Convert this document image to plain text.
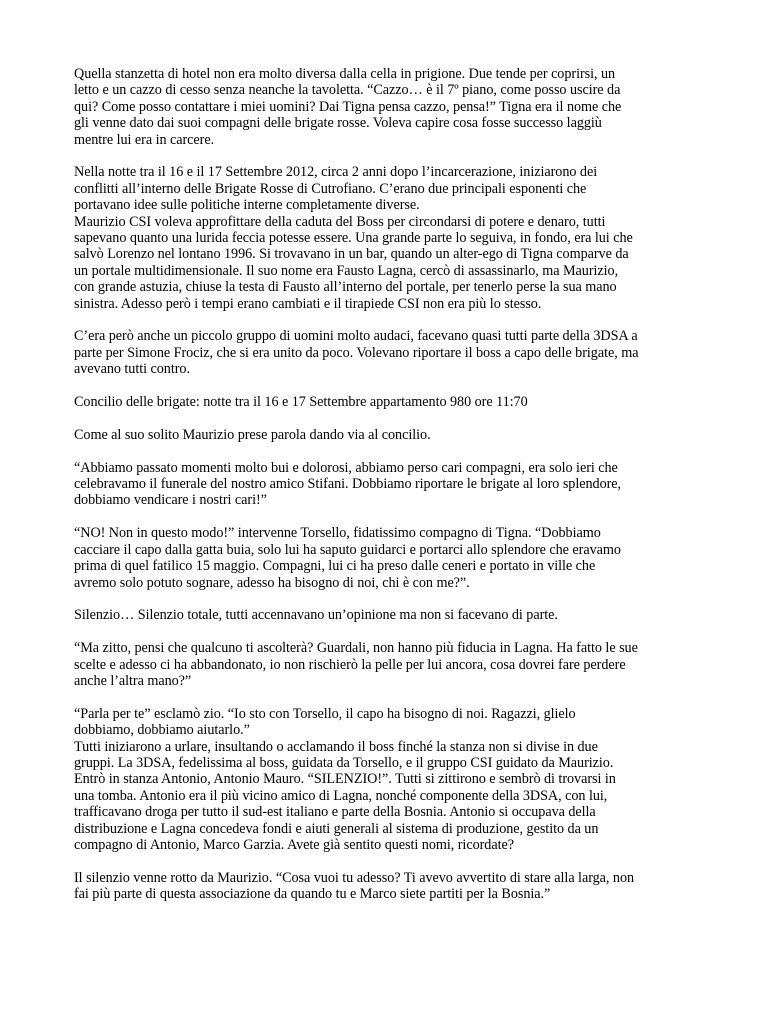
Quella stanzetta di hotel non era molto diversa dalla cella in prigione. Due tende per coprirsi, un
letto e un cazzo di cesso senza neanche la tavoletta. “Cazzo… è il 7º piano, come posso uscire da
qui? Come posso contattare i miei uomini? Dai Tigna pensa cazzo, pensa!” Tigna era il nome che
gli venne dato dai suoi compagni delle brigate rosse. Voleva capire cosa fosse successo laggiù
mentre lui era in carcere.

Nella notte tra il 16 e il 17 Settembre 2012, circa 2 anni dopo l’incarcerazione, iniziarono dei
conflitti all’interno delle Brigate Rosse di Cutrofiano. C’erano due principali esponenti che
portavano idee sulle politiche interne completamente diverse.

Maurizio CSI voleva approfittare della caduta del Boss per circondarsi di potere e denaro, tutti
sapevano quanto una lurida feccia potesse essere. Una grande parte lo seguiva, in fondo, era lui che
salvò Lorenzo nel lontano 1996. Si trovavano in un bar, quando un alter-ego di Tigna comparve da
un portale multidimensionale. Il suo nome era Fausto Lagna, cercò di assassinarlo, ma Maurizio,
con grande astuzia, chiuse la testa di Fausto all’interno del portale, per tenerlo perse la sua mano
sinistra. Adesso però i tempi erano cambiati e il tirapiede CSI non era più lo stesso.

C’era però anche un piccolo gruppo di uomini molto audaci, facevano quasi tutti parte della 3DSA a
parte per Simone Frociz, che si era unito da poco. Volevano riportare il boss a capo delle brigate, ma
avevano tutti contro.

Concilio delle brigate: notte tra il 16 e 17 Settembre appartamento 980 ore 11:70

Come al suo solito Maurizio prese parola dando via al concilio.

“Abbiamo passato momenti molto bui e dolorosi, abbiamo perso cari compagni, era solo ieri che
celebravamo il funerale del nostro amico Stifani. Dobbiamo riportare le brigate al loro splendore,
dobbiamo vendicare i nostri cari!”

“NO! Non in questo modo!” intervenne Torsello, fidatissimo compagno di Tigna. “Dobbiamo
cacciare il capo dalla gatta buia, solo lui ha saputo guidarci e portarci allo splendore che eravamo
prima di quel fatilico 15 maggio. Compagni, lui ci ha preso dalle ceneri e portato in ville che
avremo solo potuto sognare, adesso ha bisogno di noi, chi è con me?”.

Silenzio… Silenzio totale, tutti accennavano un’opinione ma non si facevano di parte.

“Ma zitto, pensi che qualcuno ti ascolterà? Guardali, non hanno più fiducia in Lagna. Ha fatto le sue
scelte e adesso ci ha abbandonato, io non rischierò la pelle per lui ancora, cosa dovrei fare perdere
anche l’altra mano?”

“Parla per te” esclamò zio. “Io sto con Torsello, il capo ha bisogno di noi. Ragazzi, glielo
dobbiamo, dobbiamo aiutarlo.”

Tutti iniziarono a urlare, insultando o acclamando il boss finché la stanza non si divise in due
gruppi. La 3DSA, fedelissima al boss, guidata da Torsello, e il gruppo CSI guidato da Maurizio.

Entrò in stanza Antonio, Antonio Mauro. “SILENZIO!”. Tutti si zittirono e sembrò di trovarsi in
una tomba. Antonio era il più vicino amico di Lagna, nonché componente della 3DSA, con lui,
trafficavano droga per tutto il sud-est italiano e parte della Bosnia. Antonio si occupava della
distribuzione e Lagna concedeva fondi e aiuti generali al sistema di produzione, gestito da un
compagno di Antonio, Marco Garzia. Avete già sentito questi nomi, ricordate?

Il silenzio venne rotto da Maurizio. “Cosa vuoi tu adesso? Ti avevo avvertito di stare alla larga, non
fai più parte di questa associazione da quando tu e Marco siete partiti per la Bosnia.”
